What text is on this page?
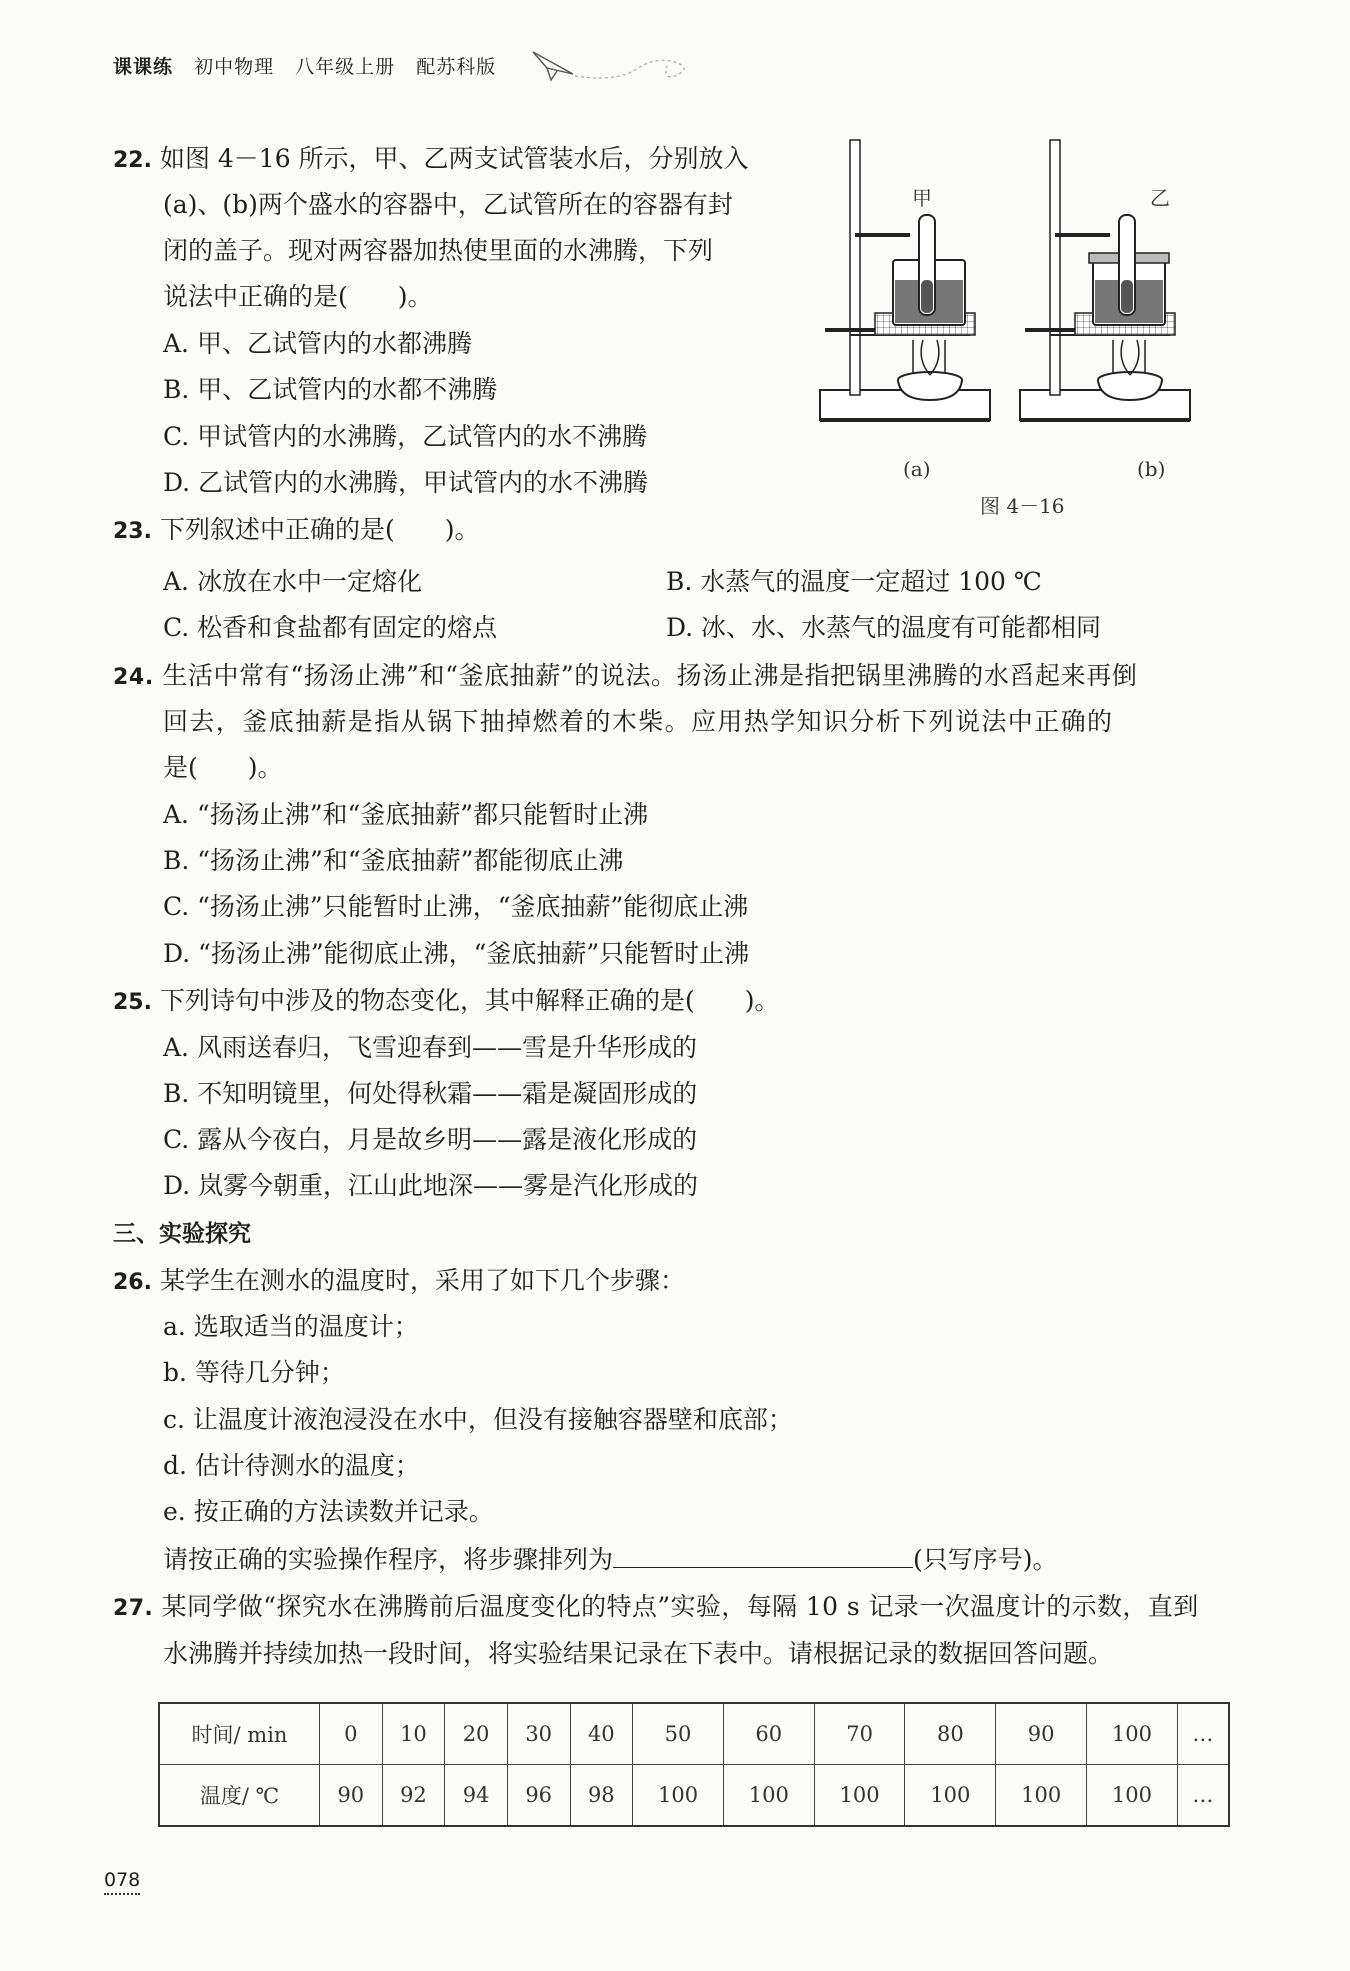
课课练 初中物理 八年级上册 配苏科版
22. 如图 4－16 所示，甲、乙两支试管装水后，分别放入
(a)、(b)两个盛水的容器中，乙试管所在的容器有封
闭的盖子。现对两容器加热使里面的水沸腾，下列
说法中正确的是(　　)。
A. 甲、乙试管内的水都沸腾
B. 甲、乙试管内的水都不沸腾
C. 甲试管内的水沸腾，乙试管内的水不沸腾
D. 乙试管内的水沸腾，甲试管内的水不沸腾
甲	乙
(a)	(b)
图 4－16
23. 下列叙述中正确的是(　　)。
A. 冰放在水中一定熔化	B. 水蒸气的温度一定超过 100 ℃
C. 松香和食盐都有固定的熔点	D. 冰、水、水蒸气的温度有可能都相同
24. 生活中常有“扬汤止沸”和“釜底抽薪”的说法。扬汤止沸是指把锅里沸腾的水舀起来再倒
回去，釜底抽薪是指从锅下抽掉燃着的木柴。应用热学知识分析下列说法中正确的
是(　　)。
A. “扬汤止沸”和“釜底抽薪”都只能暂时止沸
B. “扬汤止沸”和“釜底抽薪”都能彻底止沸
C. “扬汤止沸”只能暂时止沸，“釜底抽薪”能彻底止沸
D. “扬汤止沸”能彻底止沸，“釜底抽薪”只能暂时止沸
25. 下列诗句中涉及的物态变化，其中解释正确的是(　　)。
A. 风雨送春归，飞雪迎春到——雪是升华形成的
B. 不知明镜里，何处得秋霜——霜是凝固形成的
C. 露从今夜白，月是故乡明——露是液化形成的
D. 岚雾今朝重，江山此地深——雾是汽化形成的
三、实验探究
26. 某学生在测水的温度时，采用了如下几个步骤：
a. 选取适当的温度计；
b. 等待几分钟；
c. 让温度计液泡浸没在水中，但没有接触容器壁和底部；
d. 估计待测水的温度；
e. 按正确的方法读数并记录。
请按正确的实验操作程序，将步骤排列为	(只写序号)。
27. 某同学做“探究水在沸腾前后温度变化的特点”实验，每隔 10 s 记录一次温度计的示数，直到
水沸腾并持续加热一段时间，将实验结果记录在下表中。请根据记录的数据回答问题。
时间/ min	0	10	20	30	40	50	60	70	80	90	100	…
温度/ ℃	90	92	94	96	98	100	100	100	100	100	100	…
078
